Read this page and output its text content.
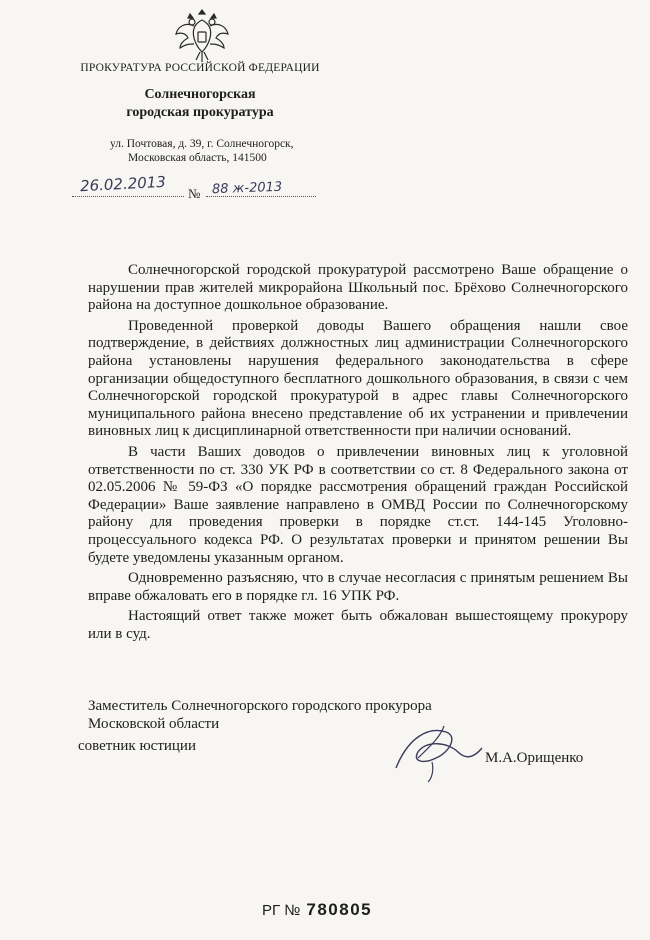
ПРОКУРАТУРА РОССИЙСКОЙ ФЕДЕРАЦИИ
Солнечногорская
городская прокуратура
ул. Почтовая, д. 39, г. Солнечногорск,
Московская область, 141500
26.02.2013 № 88 ж-2013

Солнечногорской городской прокуратурой рассмотрено Ваше обращение о нарушении прав жителей микрорайона Школьный пос. Брёхово Солнечногорского района на доступное дошкольное образование.

Проведенной проверкой доводы Вашего обращения нашли свое подтверждение, в действиях должностных лиц администрации Солнечногорского района установлены нарушения федерального законодательства в сфере организации общедоступного бесплатного дошкольного образования, в связи с чем Солнечногорской городской прокуратурой в адрес главы Солнечногорского муниципального района внесено представление об их устранении и привлечении виновных лиц к дисциплинарной ответственности при наличии оснований.

В части Ваших доводов о привлечении виновных лиц к уголовной ответственности по ст. 330 УК РФ в соответствии со ст. 8 Федерального закона от 02.05.2006 № 59-ФЗ «О порядке рассмотрения обращений граждан Российской Федерации» Ваше заявление направлено в ОМВД России по Солнечногорскому району для проведения проверки в порядке ст.ст. 144-145 Уголовно-процессуального кодекса РФ. О результатах проверки и принятом решении Вы будете уведомлены указанным органом.

Одновременно разъясняю, что в случае несогласия с принятым решением Вы вправе обжаловать его в порядке гл. 16 УПК РФ.

Настоящий ответ также может быть обжалован вышестоящему прокурору или в суд.

Заместитель Солнечногорского городского прокурора
Московской области
советник юстиции
М.А.Орищенко
РГ № 780805
